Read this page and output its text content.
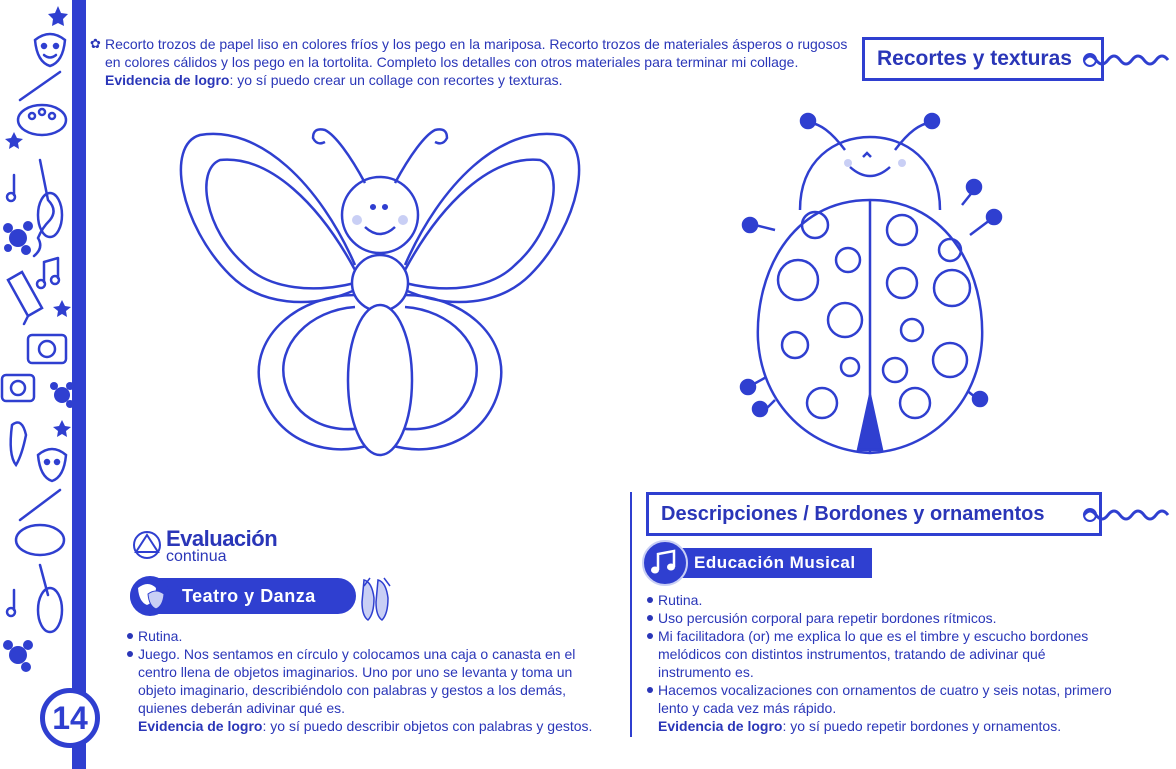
14
✿ Recorto trozos de papel liso en colores fríos y los pego en la mariposa. Recorto trozos de materiales ásperos o rugosos en colores cálidos y los pego en la tortolita. Completo los detalles con otros materiales para terminar mi collage.
Evidencia de logro: yo sí puedo crear un collage con recortes y texturas.
Recortes y texturas
Evaluación
continua
Teatro y Danza
Rutina.
Juego. Nos sentamos en círculo y colocamos una caja o canasta en el centro llena de objetos imaginarios. Uno por uno se levanta y toma un objeto imaginario, describiéndolo con palabras y gestos a los demás, quienes deberán adivinar qué es.
Evidencia de logro: yo sí puedo describir objetos con palabras y gestos.
Descripciones / Bordones y ornamentos
Educación Musical
Rutina.
Uso percusión corporal para repetir bordones rítmicos.
Mi facilitadora (or) me explica lo que es el timbre y escucho bordones melódicos con distintos instrumentos, tratando de adivinar qué instrumento es.
Hacemos vocalizaciones con ornamentos de cuatro y seis notas, primero lento y cada vez más rápido.
Evidencia de logro: yo sí puedo repetir bordones y ornamentos.
